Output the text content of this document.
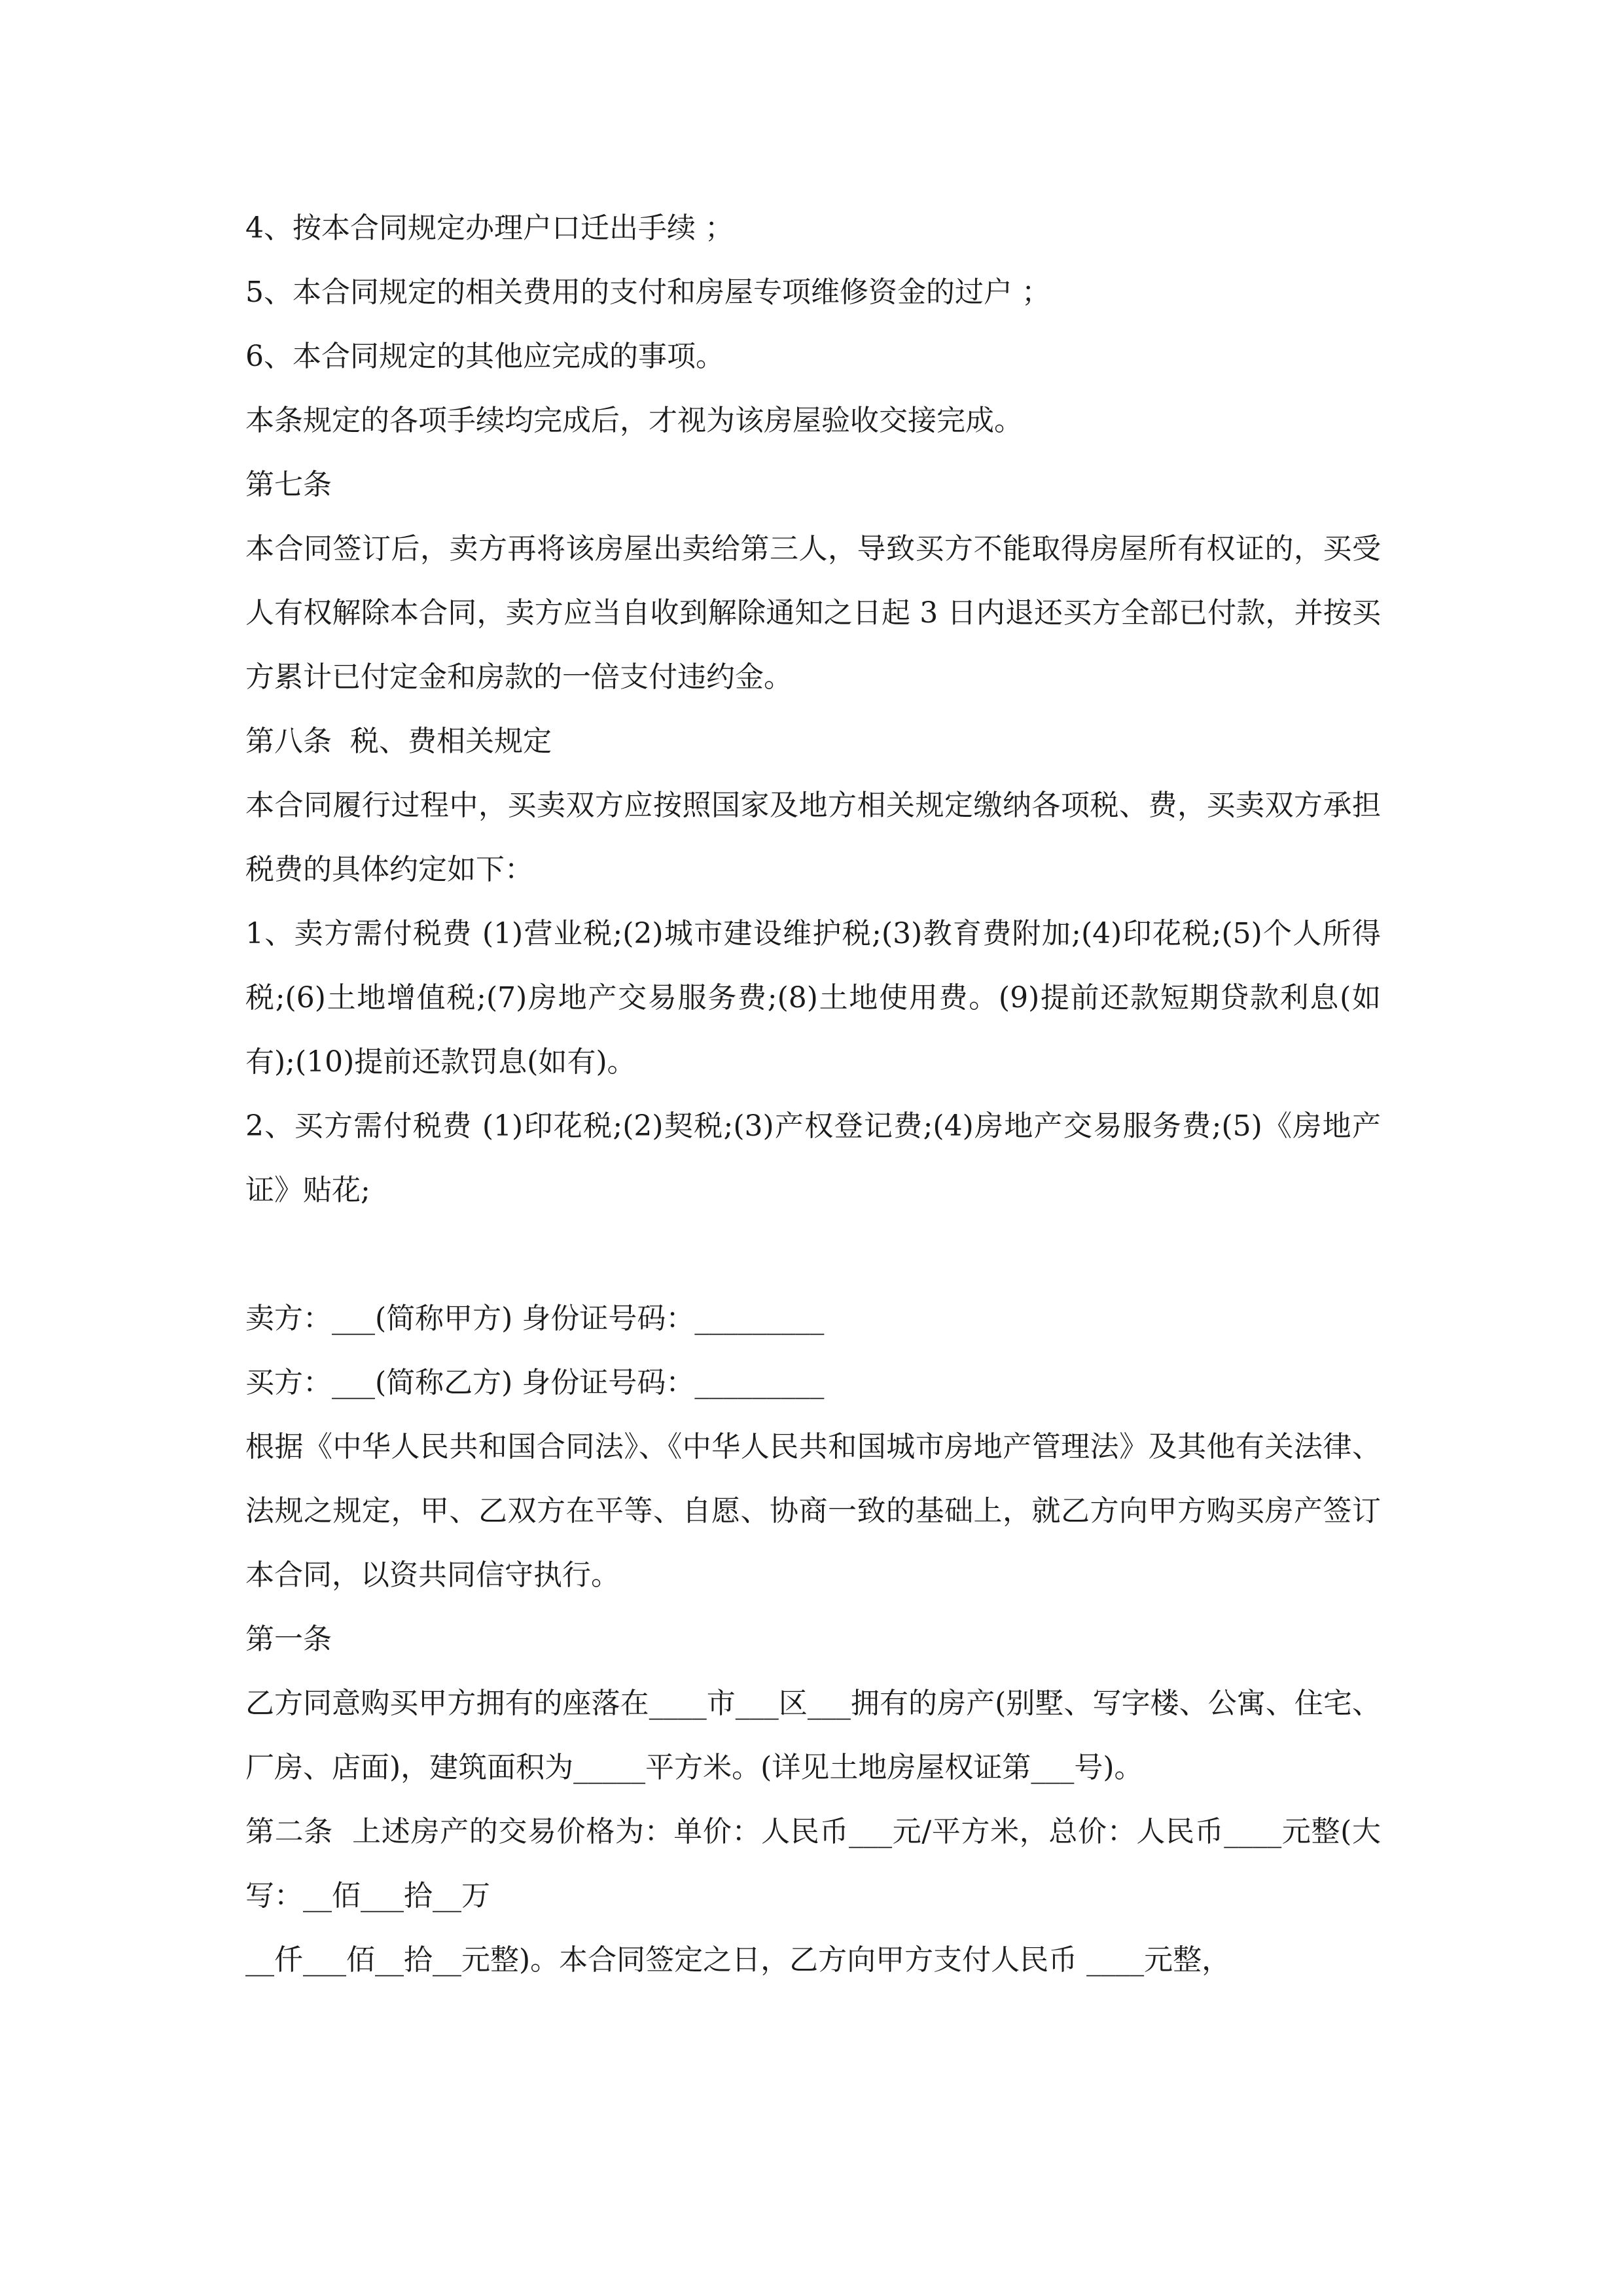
4、按本合同规定办理户口迁出手续 ；

5、本合同规定的相关费用的支付和房屋专项维修资金的过户 ；

6、本合同规定的其他应完成的事项。

本条规定的各项手续均完成后，才视为该房屋验收交接完成。

第七条

本合同签订后，卖方再将该房屋出卖给第三人，导致买方不能取得房屋所有权证的，买受人有权解除本合同，卖方应当自收到解除通知之日起 3 日内退还买方全部已付款，并按买方累计已付定金和房款的一倍支付违约金。

第八条  税、费相关规定

本合同履行过程中，买卖双方应按照国家及地方相关规定缴纳各项税、费，买卖双方承担税费的具体约定如下：

1、卖方需付税费 (1)营业税;(2)城市建设维护税;(3)教育费附加;(4)印花税;(5)个人所得税;(6)土地增值税;(7)房地产交易服务费;(8)土地使用费。(9)提前还款短期贷款利息(如有);(10)提前还款罚息(如有)。

2、买方需付税费 (1)印花税;(2)契税;(3)产权登记费;(4)房地产交易服务费;(5)《房地产证》贴花;

卖方：___(简称甲方) 身份证号码：_________

买方：___(简称乙方) 身份证号码：_________

根据《中华人民共和国合同法》、《中华人民共和国城市房地产管理法》及其他有关法律、法规之规定，甲、乙双方在平等、自愿、协商一致的基础上，就乙方向甲方购买房产签订本合同，以资共同信守执行。

第一条

乙方同意购买甲方拥有的座落在____市___区___拥有的房产(别墅、写字楼、公寓、住宅、厂房、店面)，建筑面积为_____平方米。(详见土地房屋权证第___号)。

第二条  上述房产的交易价格为：单价：人民币___元/平方米，总价：人民币____元整(大写：__佰___拾__万

__仟___佰__拾__元整)。本合同签定之日，乙方向甲方支付人民币 ____元整，
